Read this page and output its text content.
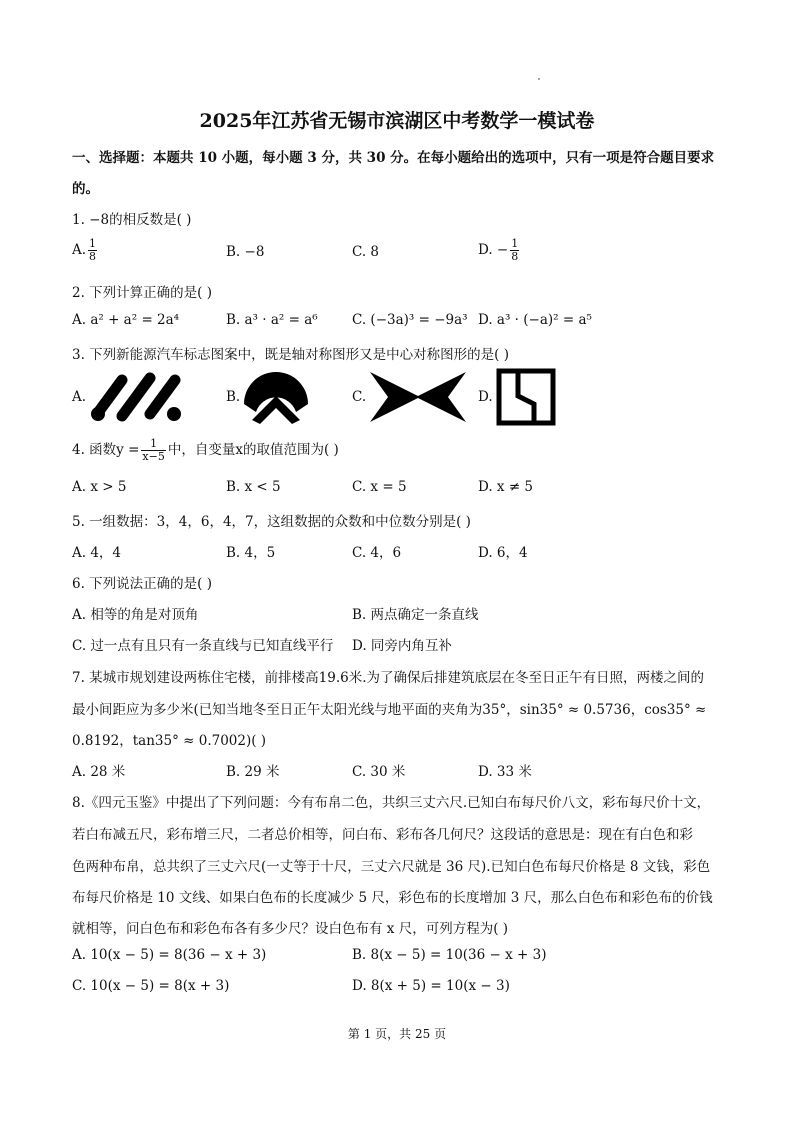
2025年江苏省无锡市滨湖区中考数学一模试卷
一、选择题：本题共 10 小题，每小题 3 分，共 30 分。在每小题给出的选项中，只有一项是符合题目要求
的。
1. −8的相反数是( )
A. $\frac{1}{8}$	B. −8	C. 8	D. − $\frac{1}{8}$
2. 下列计算正确的是( )
A. a² + a² = 2a⁴	B. a³ · a² = a⁶	C. (−3a)³ = −9a³ D. a³ · (−a)² = a⁵
3. 下列新能源汽车标志图案中，既是轴对称图形又是中心对称图形的是( )
A.	B.	C.	D.
4. 函数$y = \frac{1}{x-5}$ 中，自变量x的取值范围为( )
A. x > 5	B. x < 5	C. x = 5	D. x ≠ 5
5. 一组数据：3，4，6，4，7，这组数据的众数和中位数分别是( )
A. 4，4	B. 4，5	C. 4，6	D. 6，4
6. 下列说法正确的是( )
A. 相等的角是对顶角	B. 两点确定一条直线
C. 过一点有且只有一条直线与已知直线平行 D. 同旁内角互补
7. 某城市规划建设两栋住宅楼，前排楼高19.6米.为了确保后排建筑底层在冬至日正午有日照，两楼之间的
最小间距应为多少米(已知当地冬至日正午太阳光线与地平面的夹角为35°，sin35° ≈ 0.5736，cos35° ≈
0.8192，tan35° ≈ 0.7002)( )
A. 28 米	B. 29 米	C. 30 米	D. 33 米
8.《四元玉鉴》中提出了下列问题：今有布帛二色，共织三丈六尺.已知白布每尺价八文，彩布每尺价十文，
若白布减五尺，彩布增三尺，二者总价相等，问白布、彩布各几何尺？这段话的意思是：现在有白色和彩
色两种布帛，总共织了三丈六尺(一丈等于十尺，三丈六尺就是 36 尺).已知白色布每尺价格是 8 文钱，彩色
布每尺价格是 10 文线、如果白色布的长度减少 5 尺，彩色布的长度增加 3 尺，那么白色布和彩色布的价钱
就相等，问白色布和彩色布各有多少尺？设白色布有 x 尺，可列方程为( )
A. 10(x − 5) = 8(36 − x + 3)	B. 8(x − 5) = 10(36 − x + 3)
C. 10(x − 5) = 8(x + 3)	D. 8(x + 5) = 10(x − 3)
第 1 页，共 25 页
